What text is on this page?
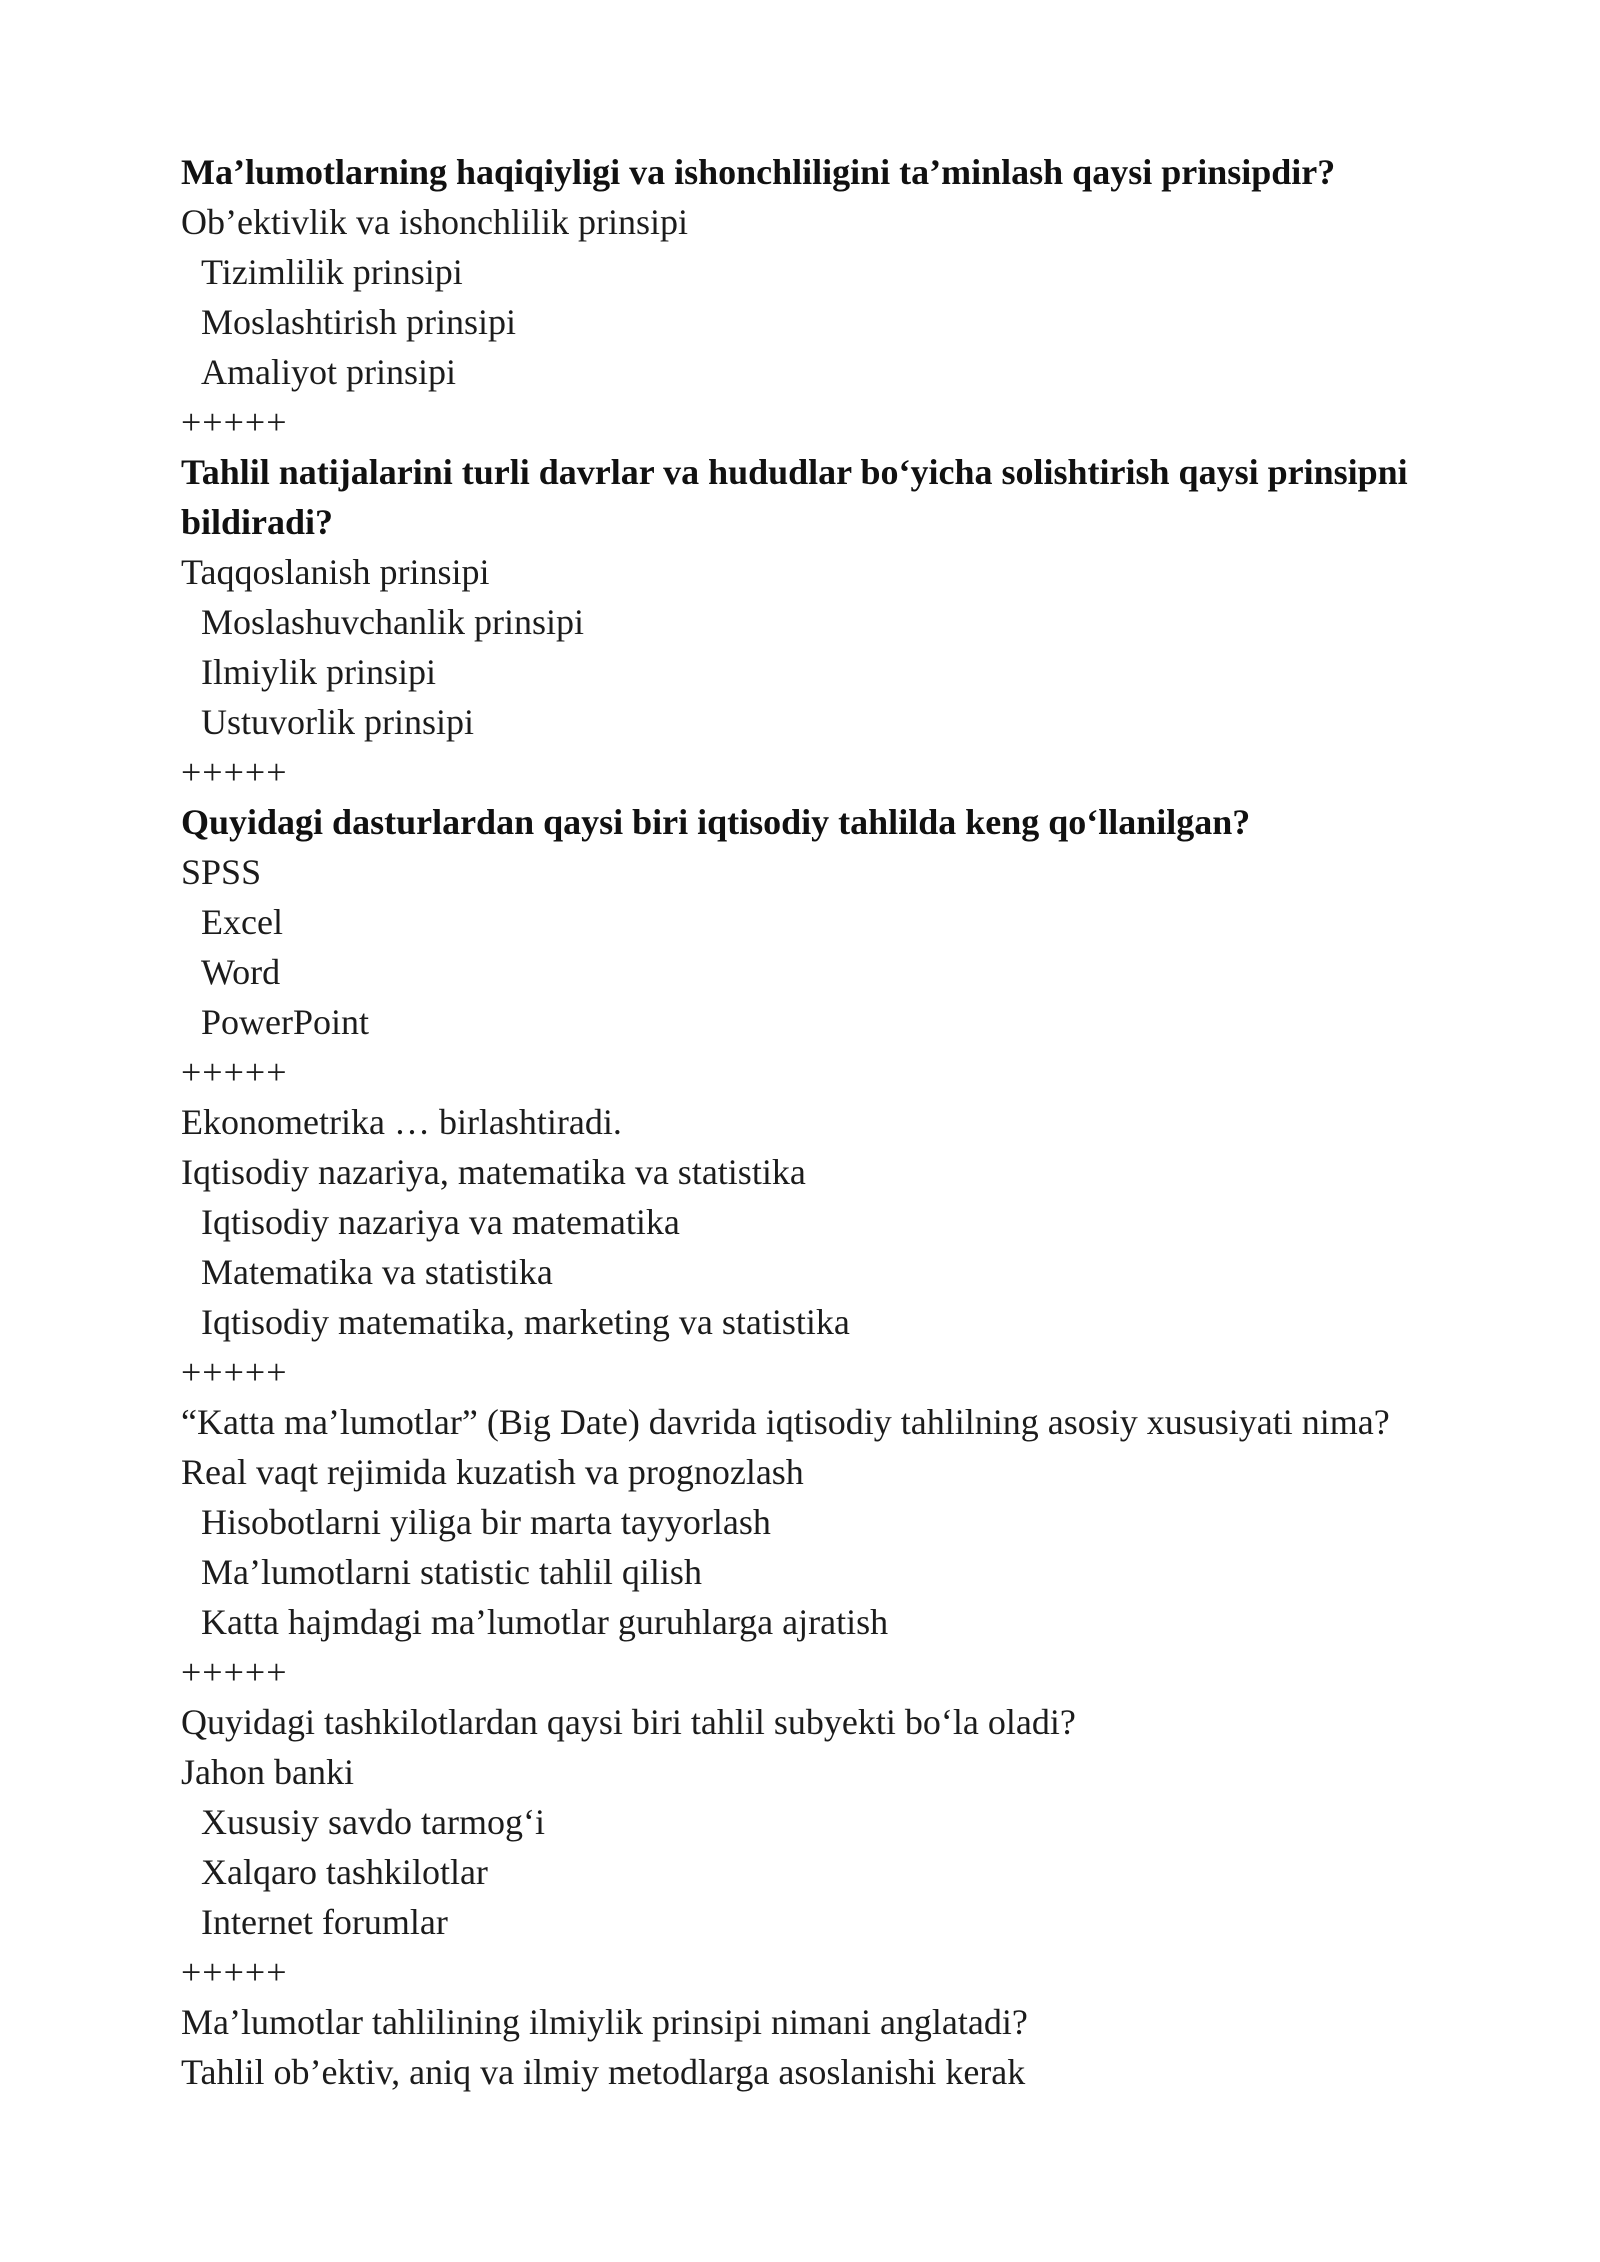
Ma’lumotlarning haqiqiyligi va ishonchliligini ta’minlash qaysi prinsipdir?

Ob’ektivlik va ishonchlilik prinsipi

Tizimlilik prinsipi

Moslashtirish prinsipi

Amaliyot prinsipi

+++++

Tahlil natijalarini turli davrlar va hududlar bo‘yicha solishtirish qaysi prinsipni bildiradi?

Taqqoslanish prinsipi

Moslashuvchanlik prinsipi

Ilmiylik prinsipi

Ustuvorlik prinsipi

+++++

Quyidagi dasturlardan qaysi biri iqtisodiy tahlilda keng qo‘llanilgan?

SPSS

Excel

Word

PowerPoint

+++++

Ekonometrika … birlashtiradi.

Iqtisodiy nazariya, matematika va statistika

Iqtisodiy nazariya va matematika

Matematika va statistika

Iqtisodiy matematika, marketing va statistika

+++++

“Katta ma’lumotlar” (Big Date) davrida iqtisodiy tahlilning asosiy xususiyati nima?

Real vaqt rejimida kuzatish va prognozlash

Hisobotlarni yiliga bir marta tayyorlash

Ma’lumotlarni statistic tahlil qilish

Katta hajmdagi ma’lumotlar guruhlarga ajratish

+++++

Quyidagi tashkilotlardan qaysi biri tahlil subyekti bo‘la oladi?

Jahon banki

Xususiy savdo tarmog‘i

Xalqaro tashkilotlar

Internet forumlar

+++++

Ma’lumotlar tahlilining ilmiylik prinsipi nimani anglatadi?

Tahlil ob’ektiv, aniq va ilmiy metodlarga asoslanishi kerak
